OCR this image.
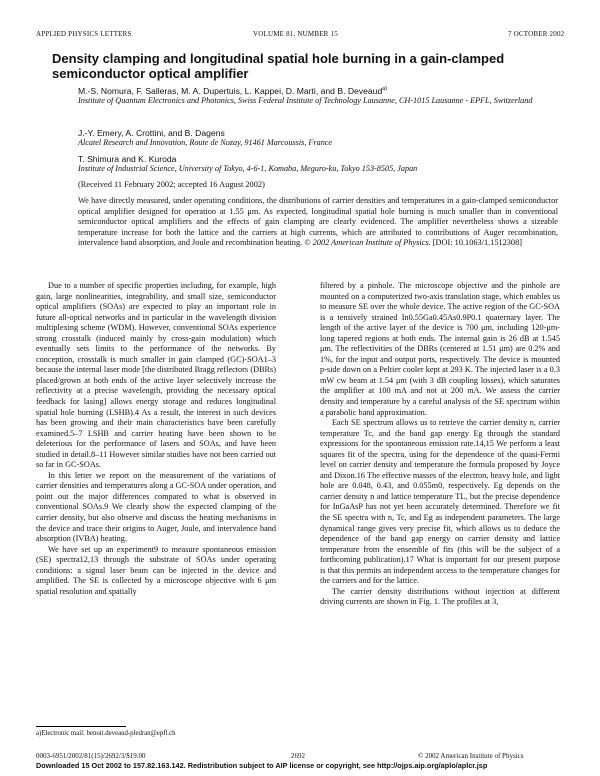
APPLIED PHYSICS LETTERS	VOLUME 81, NUMBER 15	7 OCTOBER 2002
Density clamping and longitudinal spatial hole burning in a gain-clamped semiconductor optical amplifier
M.-S. Nomura, F. Salleras, M. A. Dupertuis, L. Kappei, D. Marti, and B. Deveaud$^{a)}$
Institute of Quantum Electronics and Photonics, Swiss Federal Institute of Technology Lausanne, CH-1015 Lausanne - EPFL, Switzerland
J.-Y. Emery, A. Crottini, and B. Dagens
Alcatel Research and Innovation, Route de Nozay, 91461 Marcoussis, France
T. Shimura and K. Kuroda
Institute of Industrial Science, University of Tokyo, 4-6-1, Komaba, Meguro-ku, Tokyo 153-8505, Japan
(Received 11 February 2002; accepted 16 August 2002)
We have directly measured, under operating conditions, the distributions of carrier densities and temperatures in a gain-clamped semiconductor optical amplifier designed for operation at 1.55 μm. As expected, longitudinal spatial hole burning is much smaller than in conventional semiconductor optical amplifiers and the effects of gain clamping are clearly evidenced. The amplifier nevertheless shows a sizeable temperature increase for both the lattice and the carriers at high currents, which are attributed to contributions of Auger recombination, intervalence band absorption, and Joule and recombination heating. © 2002 American Institute of Physics. [DOI: 10.1063/1.1512308]

Due to a number of specific properties including, for example, high gain, large nonlinearities, integrability, and small size, semiconductor optical amplifiers (SOAs) are expected to play an important role in future all-optical networks and in particular in the wavelength division multiplexing scheme (WDM). However, conventional SOAs experience strong crosstalk (induced mainly by cross-gain modulation) which eventually sets limits to the performance of the networks. By conception, crosstalk is much smaller in gain clamped (GC)-SOA1–3 because the internal laser mode [the distributed Bragg reflectors (DBRs) placed/grown at both ends of the active layer selectively increase the reflectivity at a precise wavelength, providing the necessary optical feedback for lasing] allows energy storage and reduces longitudinal spatial hole burning (LSHB).4 As a result, the interest in such devices has been growing and their main characteristics have been carefully examined.5–7 LSHB and carrier heating have been shown to be deleterious for the performance of lasers and SOAs, and have been studied in detail.8–11 However similar studies have not been carried out so far in GC-SOAs.

In this letter we report on the measurement of the variations of carrier densities and temperatures along a GC-SOA under operation, and point out the major differences compared to what is observed in conventional SOAs.9 We clearly show the expected clamping of the carrier density, but also observe and discuss the heating mechanisms in the device and trace their origins to Auger, Joule, and intervalence band absorption (IVBA) heating.

We have set up an experiment9 to measure spontaneous emission (SE) spectra12,13 through the substrate of SOAs under operating conditions: a signal laser beam can be injected in the device and amplified. The SE is collected by a microscope objective with 6 μm spatial resolution and spatially

filtered by a pinhole. The microscope objective and the pinhole are mounted on a computerized two-axis translation stage, which enables us to measure SE over the whole device. The active region of the GC-SOA is a tensively strained In0.55Ga0.45As0.9P0.1 quaternary layer. The length of the active layer of the device is 700 μm, including 120-μm-long tapered regions at both ends. The internal gain is 26 dB at 1.545 μm. The reflectivities of the DBRs (centered at 1.51 μm) are 0.2% and 1%, for the input and output ports, respectively. The device is mounted p-side down on a Peltier cooler kept at 293 K. The injected laser is a 0.3 mW cw beam at 1.54 μm (with 3 dB coupling losses), which saturates the amplifier at 100 mA and not at 200 mA. We assess the carrier density and temperature by a careful analysis of the SE spectrum within a parabolic band approximation.

Each SE spectrum allows us to retrieve the carrier density n, carrier temperature Tc, and the band gap energy Eg through the standard expressions for the spontaneous emission rate.14,15 We perform a least squares fit of the spectra, using for the dependence of the quasi-Fermi level on carrier density and temperature the formula proposed by Joyce and Dixon.16 The effective masses of the electron, heavy hole, and light hole are 0.048, 0.43, and 0.055m0, respectively. Eg depends on the carrier density n and lattice temperature TL, but the precise dependence for InGaAsP has not yet been accurately determined. Therefore we fit the SE spectra with n, Tc, and Eg as independent parameters. The large dynamical range gives very precise fit, which allows us to deduce the dependence of the band gap energy on carrier density and lattice temperature from the ensemble of fits (this will be the subject of a forthcoming publication).17 What is important for our present purpose is that this permits an independent access to the temperature changes for the carriers and for the lattice.

The carrier density distributions without injection at different driving currents are shown in Fig. 1. The profiles at 3,

a)Electronic mail: benoit.deveaud-pledran@epfl.ch
0003-6951/2002/81(15)/2692/3/$19.00	2692	© 2002 American Institute of Physics
Downloaded 15 Oct 2002 to 157.82.163.142. Redistribution subject to AIP license or copyright, see http://ojps.aip.org/aplo/aplcr.jsp
